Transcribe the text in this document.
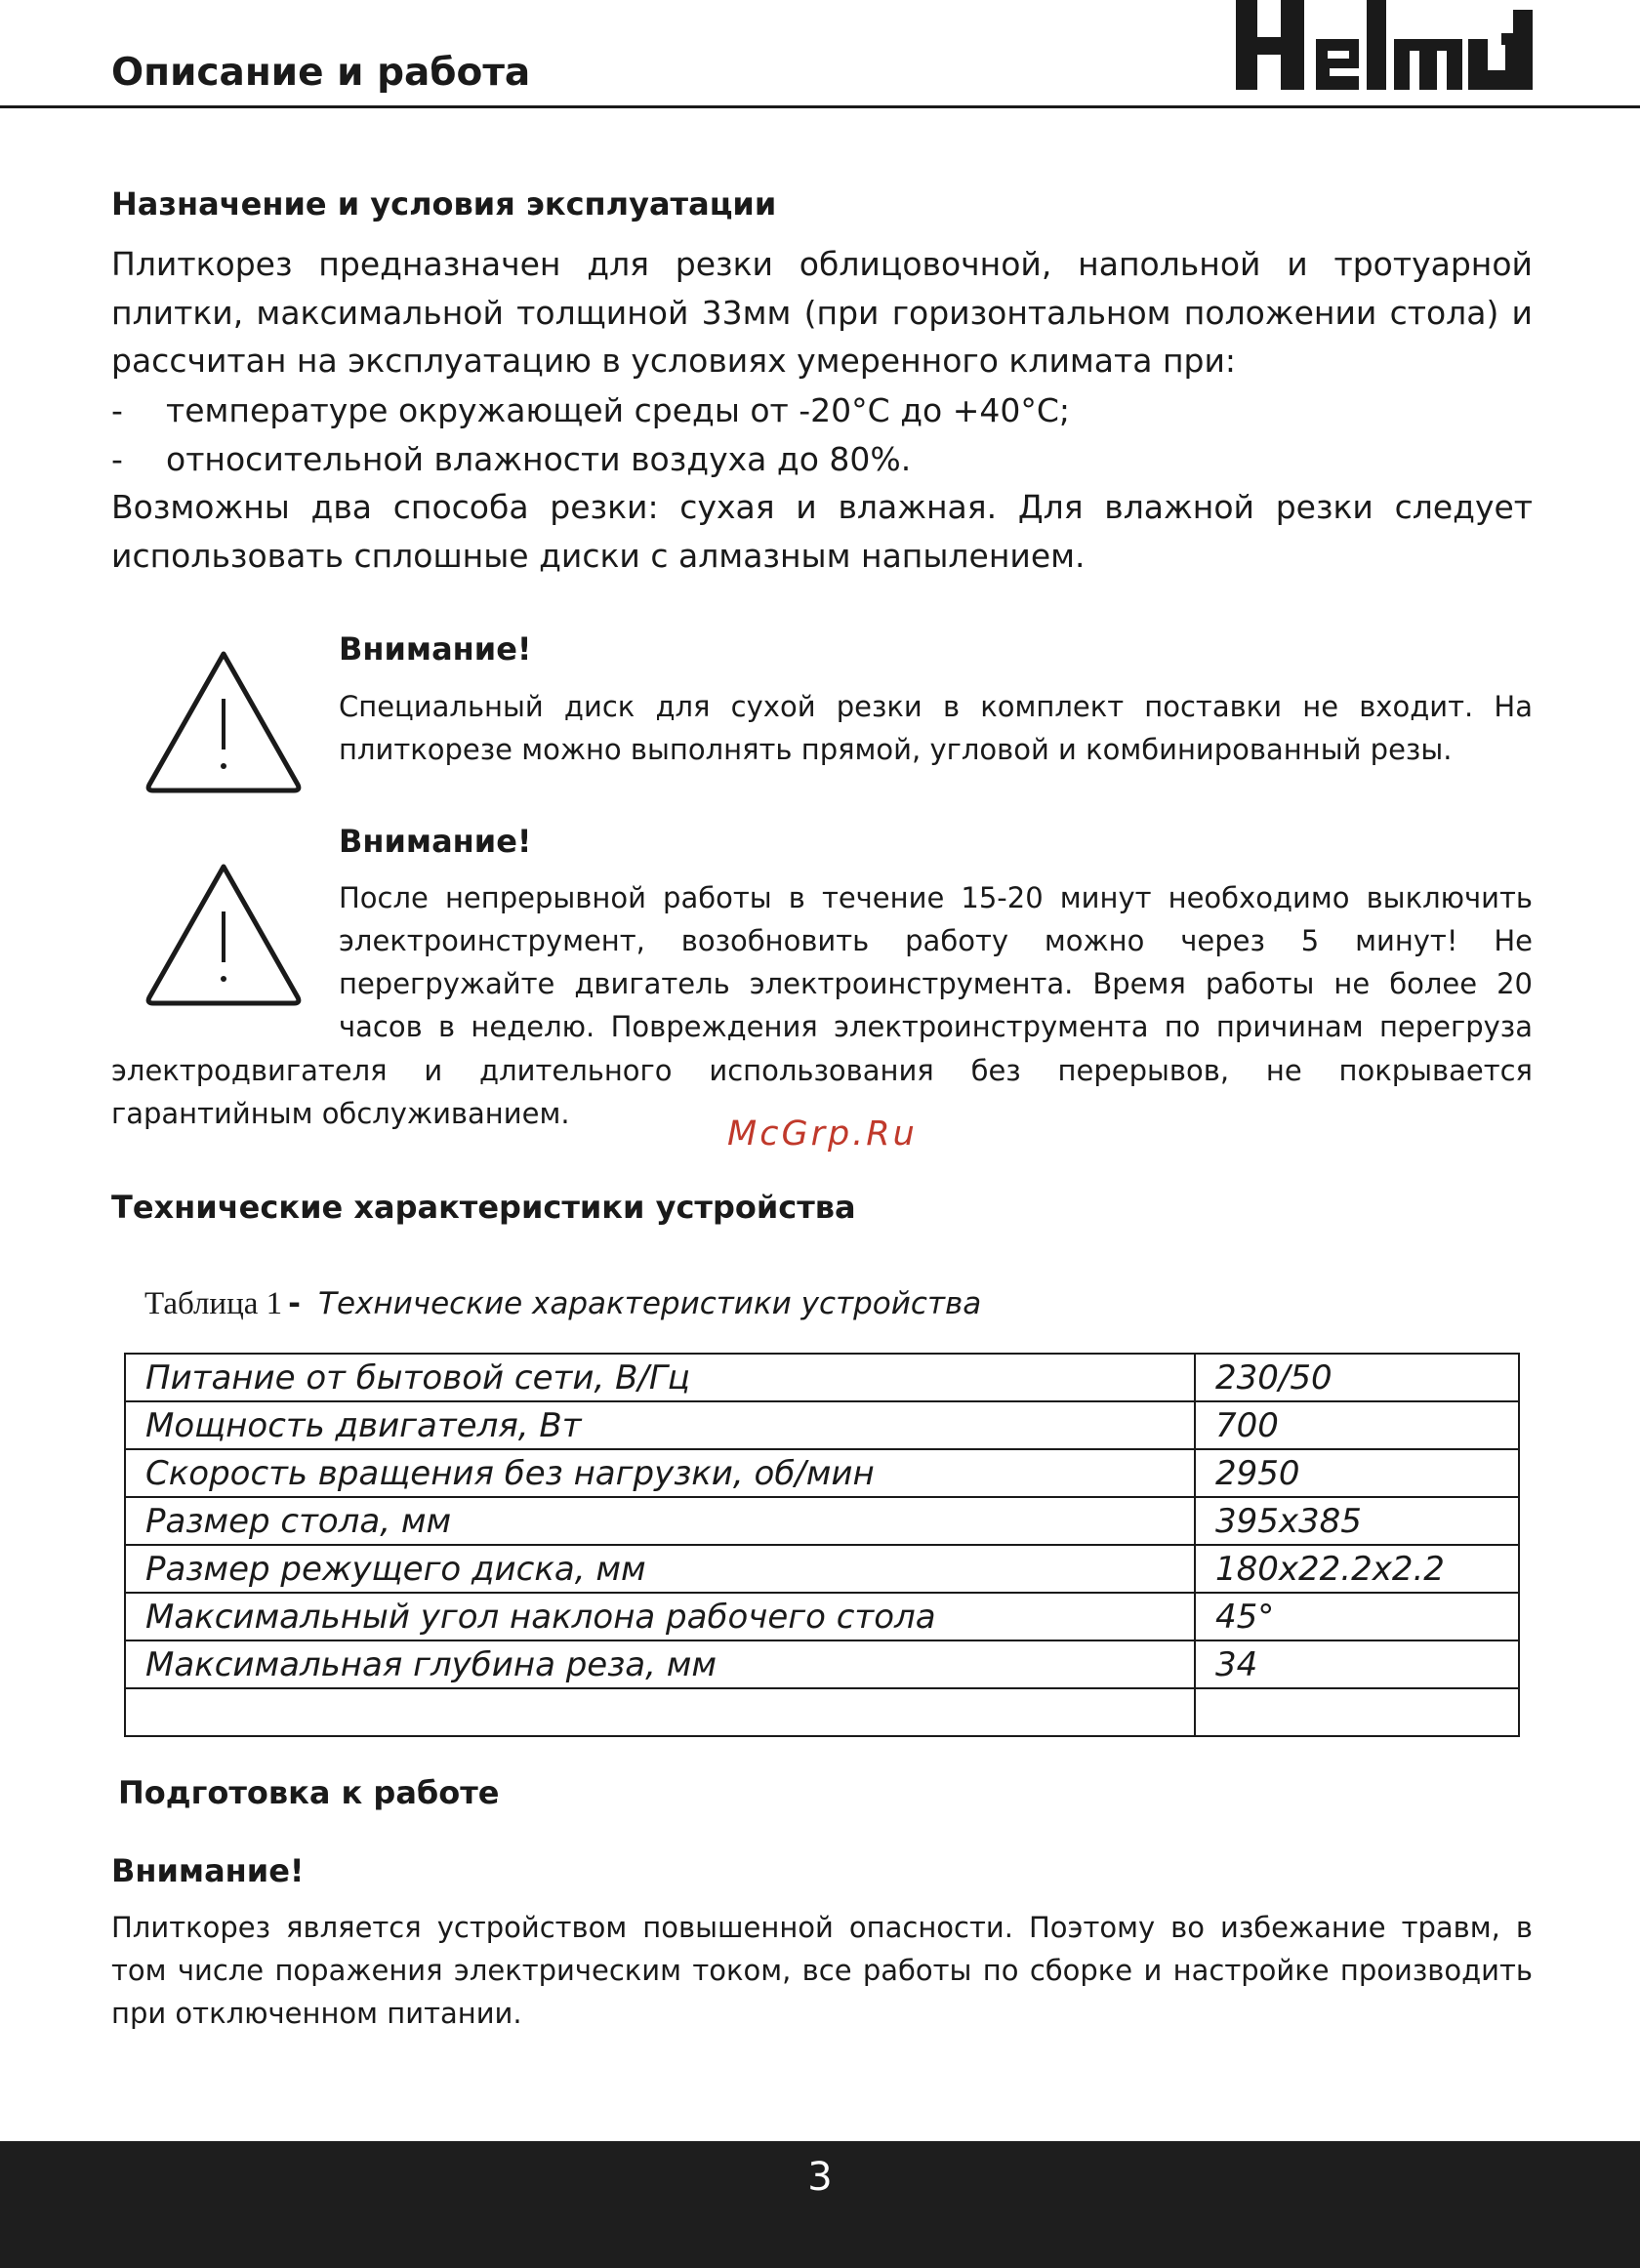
Описание и работа
Назначение и условия эксплуатации

Плиткорез предназначен для резки облицовочной, напольной и тротуарной плитки, максимальной толщиной 33мм (при горизонтальном положении стола) и рассчитан на эксплуатацию в условиях умеренного климата при:

- температуре окружающей среды от -20°С до +40°С;
- относительной влажности воздуха до 80%.

Возможны два способа резки: сухая и влажная. Для влажной резки следует использовать сплошные диски с алмазным напылением.

Внимание!

Специальный диск для сухой резки в комплект поставки не входит. На плиткорезе можно выполнять прямой, угловой и комбинированный резы.

Внимание!

После непрерывной работы в течение 15-20 минут необходимо выключить электроинструмент, возобновить работу можно через 5 минут! Не перегружайте двигатель электроинструмента. Время работы не более 20 часов в неделю. Повреждения электроинструмента по причинам перегруза

электродвигателя и длительного использования без перерывов, не покрывается гарантийным обслуживанием.

McGrp.Ru
Технические характеристики устройства
Таблица 1 - Технические характеристики устройства
Питание от бытовой сети, В/Гц	230/50
Мощность двигателя, Вт	700
Скорость вращения без нагрузки, об/мин	2950
Размер стола, мм	395х385
Размер режущего диска, мм	180х22.2х2.2
Максимальный угол наклона рабочего стола	45°
Максимальная глубина реза, мм	34

Подготовка к работе
Внимание!

Плиткорез является устройством повышенной опасности. Поэтому во избежание травм, в том числе поражения электрическим током, все работы по сборке и настройке производить при отключенном питании.

3
